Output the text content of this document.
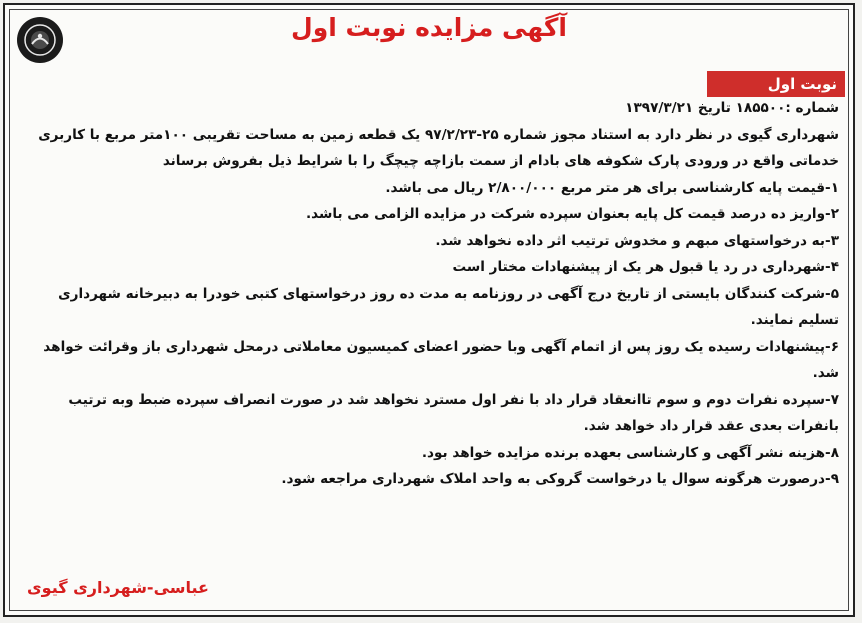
آگهی مزایده نوبت اول
نوبت اول

شماره :۱۸۵۵۰۰ تاریخ ۱۳۹۷/۳/۲۱

شهرداری گیوی در نظر دارد به استناد مجوز شماره ۲۵-۹۷/۲/۲۳ یک قطعه زمین به مساحت تقریبی ۱۰۰متر مربع با کاربری خدماتی واقع در ورودی پارک شکوفه های بادام از سمت بازاچه چیچگ را با شرایط ذیل بفروش برساند

۱-قیمت پایه کارشناسی برای هر متر مربع ۲/۸۰۰/۰۰۰ ریال می باشد.
۲-واریز ده درصد قیمت کل پایه بعنوان سپرده شرکت در مزایده الزامی می باشد.
۳-به درخواستهای مبهم و مخدوش ترتیب اثر داده نخواهد شد.
۴-شهرداری در رد یا قبول هر یک از پیشنهادات مختار است
۵-شرکت کنندگان بایستی از تاریخ درج آگهی در روزنامه به مدت ده روز درخواستهای کتبی خودرا به دبیرخانه شهرداری تسلیم نمایند.
۶-پیشنهادات رسیده یک روز پس از اتمام آگهی وبا حضور اعضای کمیسیون معاملاتی درمحل شهرداری باز وقرائت خواهد شد.
۷-سپرده نفرات دوم و سوم تاانعقاد قرار داد با نفر اول مسترد نخواهد شد در صورت انصراف سپرده ضبط وبه ترتیب بانفرات بعدی عقد قرار داد خواهد شد.
۸-هزینه نشر آگهی و کارشناسی بعهده برنده مزایده خواهد بود.
۹-درصورت هرگونه سوال یا درخواست گروکی به واحد املاک شهرداری مراجعه شود.
عباسی-شهرداری گیوی
